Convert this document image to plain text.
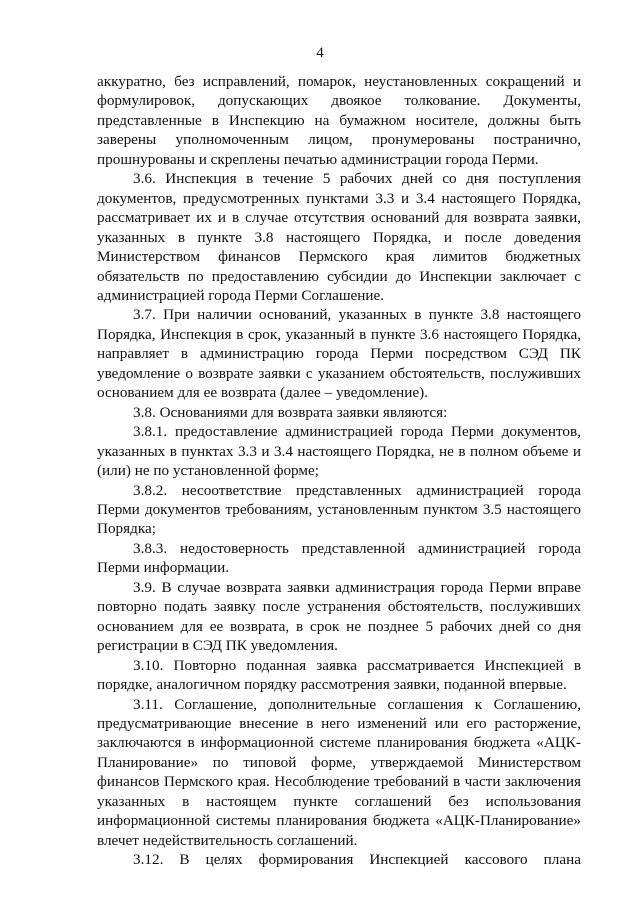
4

аккуратно, без исправлений, помарок, неустановленных сокращений и формулировок, допускающих двоякое толкование. Документы, представленные в Инспекцию на бумажном носителе, должны быть заверены уполномоченным лицом, пронумерованы постранично, прошнурованы и скреплены печатью администрации города Перми.

3.6. Инспекция в течение 5 рабочих дней со дня поступления документов, предусмотренных пунктами 3.3 и 3.4 настоящего Порядка, рассматривает их и в случае отсутствия оснований для возврата заявки, указанных в пункте 3.8 настоящего Порядка, и после доведения Министерством финансов Пермского края лимитов бюджетных обязательств по предоставлению субсидии до Инспекции заключает с администрацией города Перми Соглашение.

3.7. При наличии оснований, указанных в пункте 3.8 настоящего Порядка, Инспекция в срок, указанный в пункте 3.6 настоящего Порядка, направляет в администрацию города Перми посредством СЭД ПК уведомление о возврате заявки с указанием обстоятельств, послуживших основанием для ее возврата (далее – уведомление).

3.8. Основаниями для возврата заявки являются:

3.8.1. предоставление администрацией города Перми документов, указанных в пунктах 3.3 и 3.4 настоящего Порядка, не в полном объеме и (или) не по установленной форме;

3.8.2. несоответствие представленных администрацией города Перми документов требованиям, установленным пунктом 3.5 настоящего Порядка;

3.8.3. недостоверность представленной администрацией города Перми информации.

3.9. В случае возврата заявки администрация города Перми вправе повторно подать заявку после устранения обстоятельств, послуживших основанием для ее возврата, в срок не позднее 5 рабочих дней со дня регистрации в СЭД ПК уведомления.

3.10. Повторно поданная заявка рассматривается Инспекцией в порядке, аналогичном порядку рассмотрения заявки, поданной впервые.

3.11. Соглашение, дополнительные соглашения к Соглашению, предусматривающие внесение в него изменений или его расторжение, заключаются в информационной системе планирования бюджета «АЦК-Планирование» по типовой форме, утверждаемой Министерством финансов Пермского края. Несоблюдение требований в части заключения указанных в настоящем пункте соглашений без использования информационной системы планирования бюджета «АЦК-Планирование» влечет недействительность соглашений.

3.12. В целях формирования Инспекцией кассового плана
